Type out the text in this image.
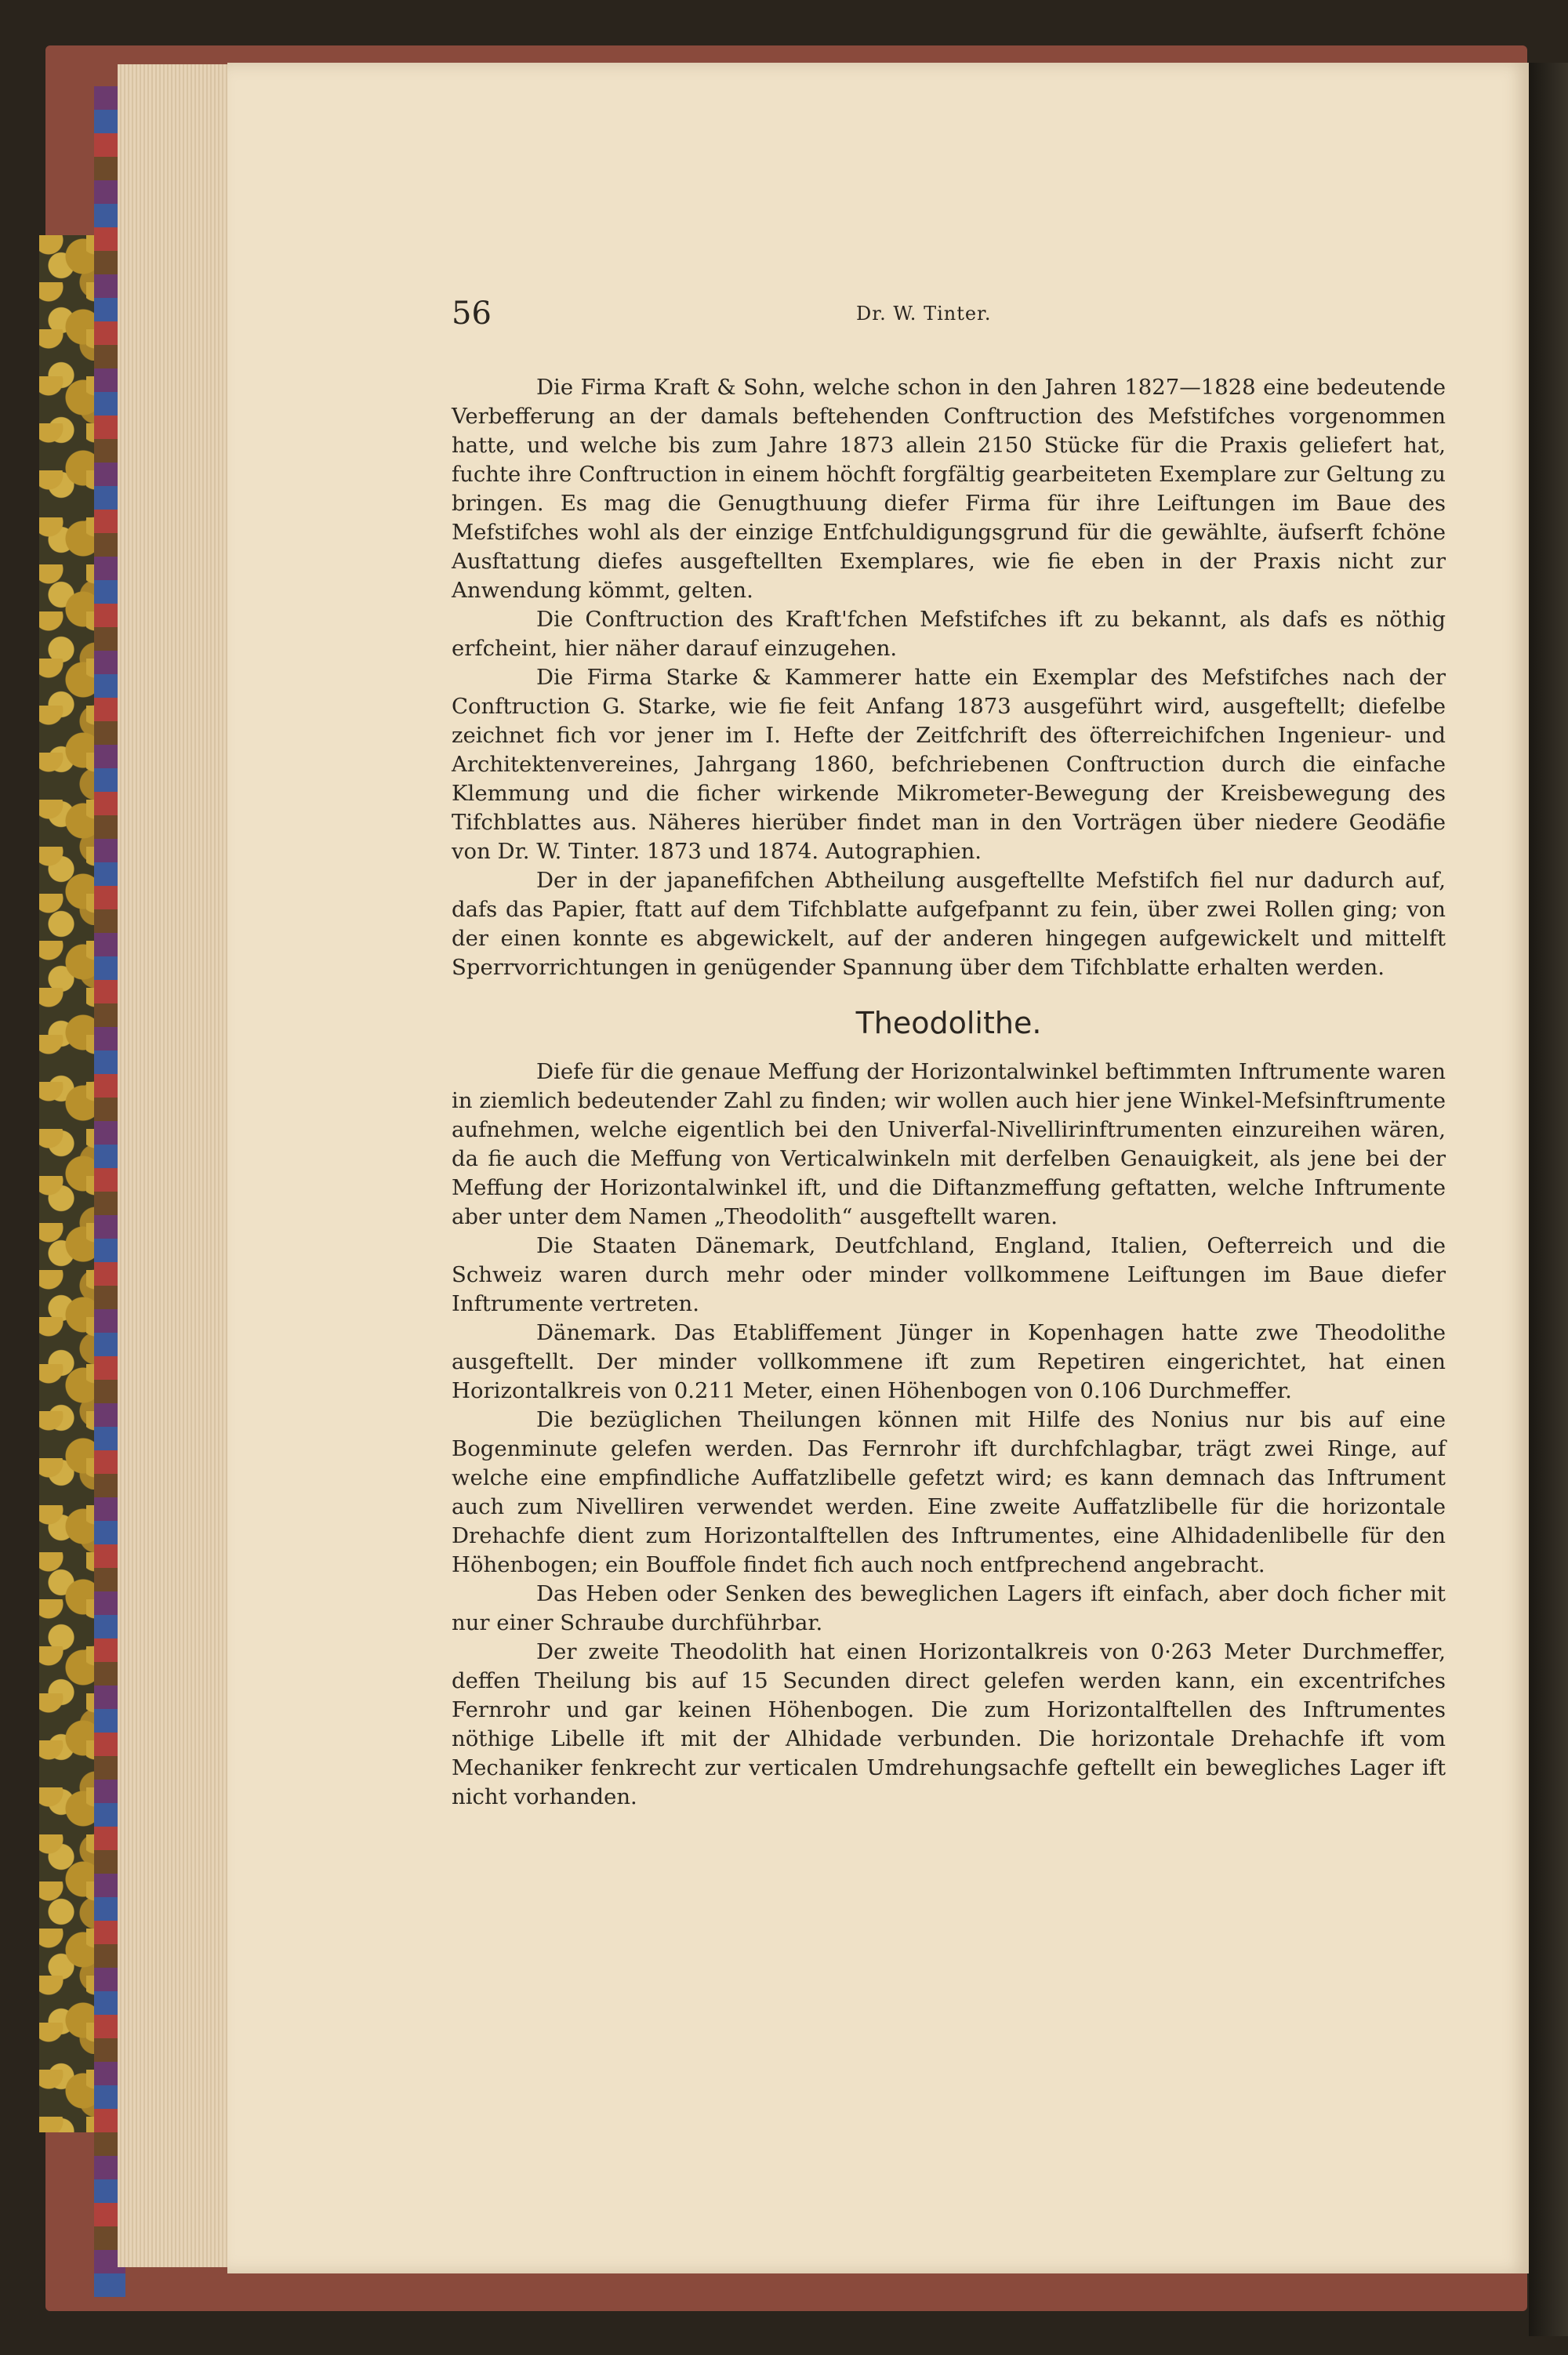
56	Dr. W. Tinter.

Die Firma Kraft & Sohn, welche schon in den Jahren 1827—1828 eine bedeutende Verbefferung an der damals beftehenden Conftruction des Mefstifches vorgenommen hatte, und welche bis zum Jahre 1873 allein 2150 Stücke für die Praxis geliefert hat, fuchte ihre Conftruction in einem höchft forgfältig gearbeiteten Exemplare zur Geltung zu bringen. Es mag die Genugthuung diefer Firma für ihre Leiftungen im Baue des Mefstifches wohl als der einzige Entfchuldigungsgrund für die gewählte, äufserft fchöne Ausftattung diefes ausgeftellten Exemplares, wie fie eben in der Praxis nicht zur Anwendung kömmt, gelten.

Die Conftruction des Kraft'fchen Mefstifches ift zu bekannt, als dafs es nöthig erfcheint, hier näher darauf einzugehen.

Die Firma Starke & Kammerer hatte ein Exemplar des Mefstifches nach der Conftruction G. Starke, wie fie feit Anfang 1873 ausgeführt wird, ausgeftellt; diefelbe zeichnet fich vor jener im I. Hefte der Zeitfchrift des öfterreichifchen Ingenieur- und Architektenvereines, Jahrgang 1860, befchriebenen Conftruction durch die einfache Klemmung und die ficher wirkende Mikrometer-Bewegung der Kreisbewegung des Tifchblattes aus. Näheres hierüber findet man in den Vorträgen über niedere Geodäfie von Dr. W. Tinter. 1873 und 1874. Autographien.

Der in der japanefifchen Abtheilung ausgeftellte Mefstifch fiel nur dadurch auf, dafs das Papier, ftatt auf dem Tifchblatte aufgefpannt zu fein, über zwei Rollen ging; von der einen konnte es abgewickelt, auf der anderen hingegen aufgewickelt und mittelft Sperrvorrichtungen in genügender Spannung über dem Tifchblatte erhalten werden.

Theodolithe.

Diefe für die genaue Meffung der Horizontalwinkel beftimmten Inftrumente waren in ziemlich bedeutender Zahl zu finden; wir wollen auch hier jene Winkel-Mefsinftrumente aufnehmen, welche eigentlich bei den Univerfal-Nivellirinftrumenten einzureihen wären, da fie auch die Meffung von Verticalwinkeln mit derfelben Genauigkeit, als jene bei der Meffung der Horizontalwinkel ift, und die Diftanzmeffung geftatten, welche Inftrumente aber unter dem Namen „Theodolith“ ausgeftellt waren.

Die Staaten Dänemark, Deutfchland, England, Italien, Oefterreich und die Schweiz waren durch mehr oder minder vollkommene Leiftungen im Baue diefer Inftrumente vertreten.

Dänemark. Das Etabliffement Jünger in Kopenhagen hatte zwe Theodolithe ausgeftellt. Der minder vollkommene ift zum Repetiren eingerichtet, hat einen Horizontalkreis von 0.211 Meter, einen Höhenbogen von 0.106 Durchmeffer.

Die bezüglichen Theilungen können mit Hilfe des Nonius nur bis auf eine Bogenminute gelefen werden. Das Fernrohr ift durchfchlagbar, trägt zwei Ringe, auf welche eine empfindliche Auffatzlibelle gefetzt wird; es kann demnach das Inftrument auch zum Nivelliren verwendet werden. Eine zweite Auffatzlibelle für die horizontale Drehachfe dient zum Horizontalftellen des Inftrumentes, eine Alhidadenlibelle für den Höhenbogen; ein Bouffole findet fich auch noch entfprechend angebracht.

Das Heben oder Senken des beweglichen Lagers ift einfach, aber doch ficher mit nur einer Schraube durchführbar.

Der zweite Theodolith hat einen Horizontalkreis von 0·263 Meter Durchmeffer, deffen Theilung bis auf 15 Secunden direct gelefen werden kann, ein excentrifches Fernrohr und gar keinen Höhenbogen. Die zum Horizontalftellen des Inftrumentes nöthige Libelle ift mit der Alhidade verbunden. Die horizontale Drehachfe ift vom Mechaniker fenkrecht zur verticalen Umdrehungsachfe geftellt ein bewegliches Lager ift nicht vorhanden.
